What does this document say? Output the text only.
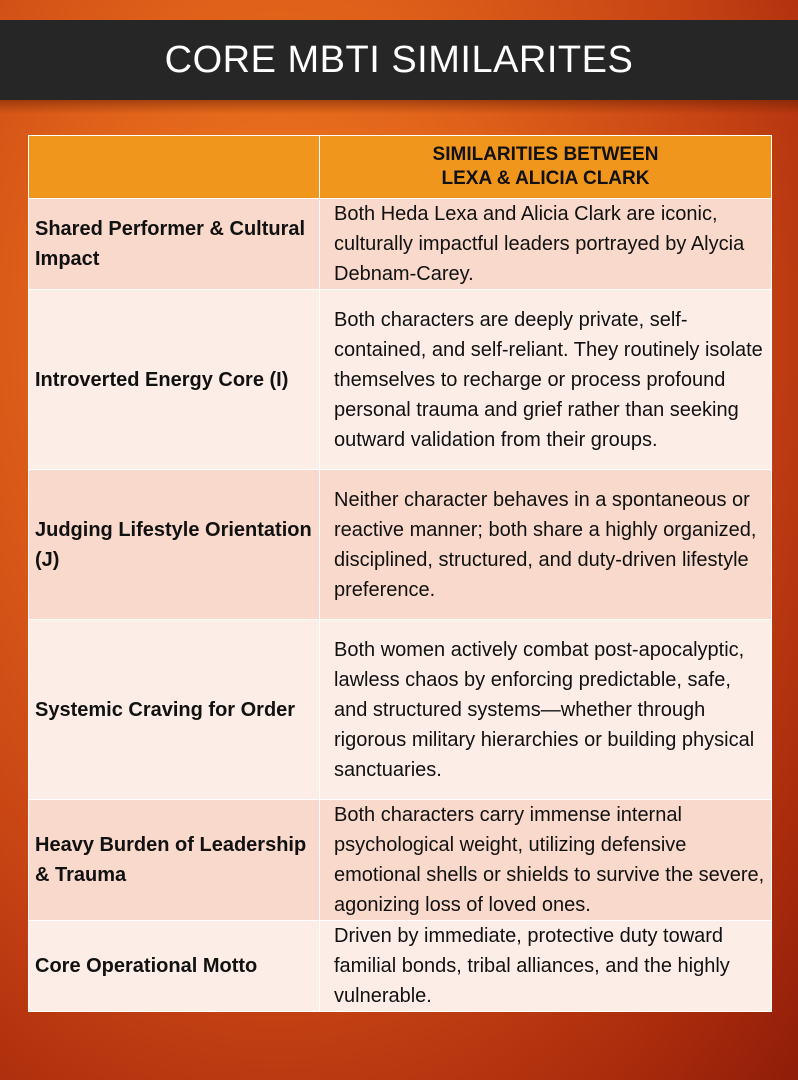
CORE MBTI SIMILARITES

	SIMILARITIES BETWEEN
LEXA & ALICIA CLARK

Shared Performer & Cultural Impact	Both Heda Lexa and Alicia Clark are iconic, culturally impactful leaders portrayed by Alycia Debnam-Carey.
Introverted Energy Core (I)	Both characters are deeply private, self-contained, and self-reliant. They routinely isolate themselves to recharge or process profound personal trauma and grief rather than seeking outward validation from their groups.
Judging Lifestyle Orientation (J)	Neither character behaves in a spontaneous or reactive manner; both share a highly organized, disciplined, structured, and duty-driven lifestyle preference.
Systemic Craving for Order	Both women actively combat post-apocalyptic, lawless chaos by enforcing predictable, safe, and structured systems—whether through rigorous military hierarchies or building physical sanctuaries.
Heavy Burden of Leadership & Trauma	Both characters carry immense internal psychological weight, utilizing defensive emotional shells or shields to survive the severe, agonizing loss of loved ones.
Core Operational Motto	Driven by immediate, protective duty toward familial bonds, tribal alliances, and the highly vulnerable.
